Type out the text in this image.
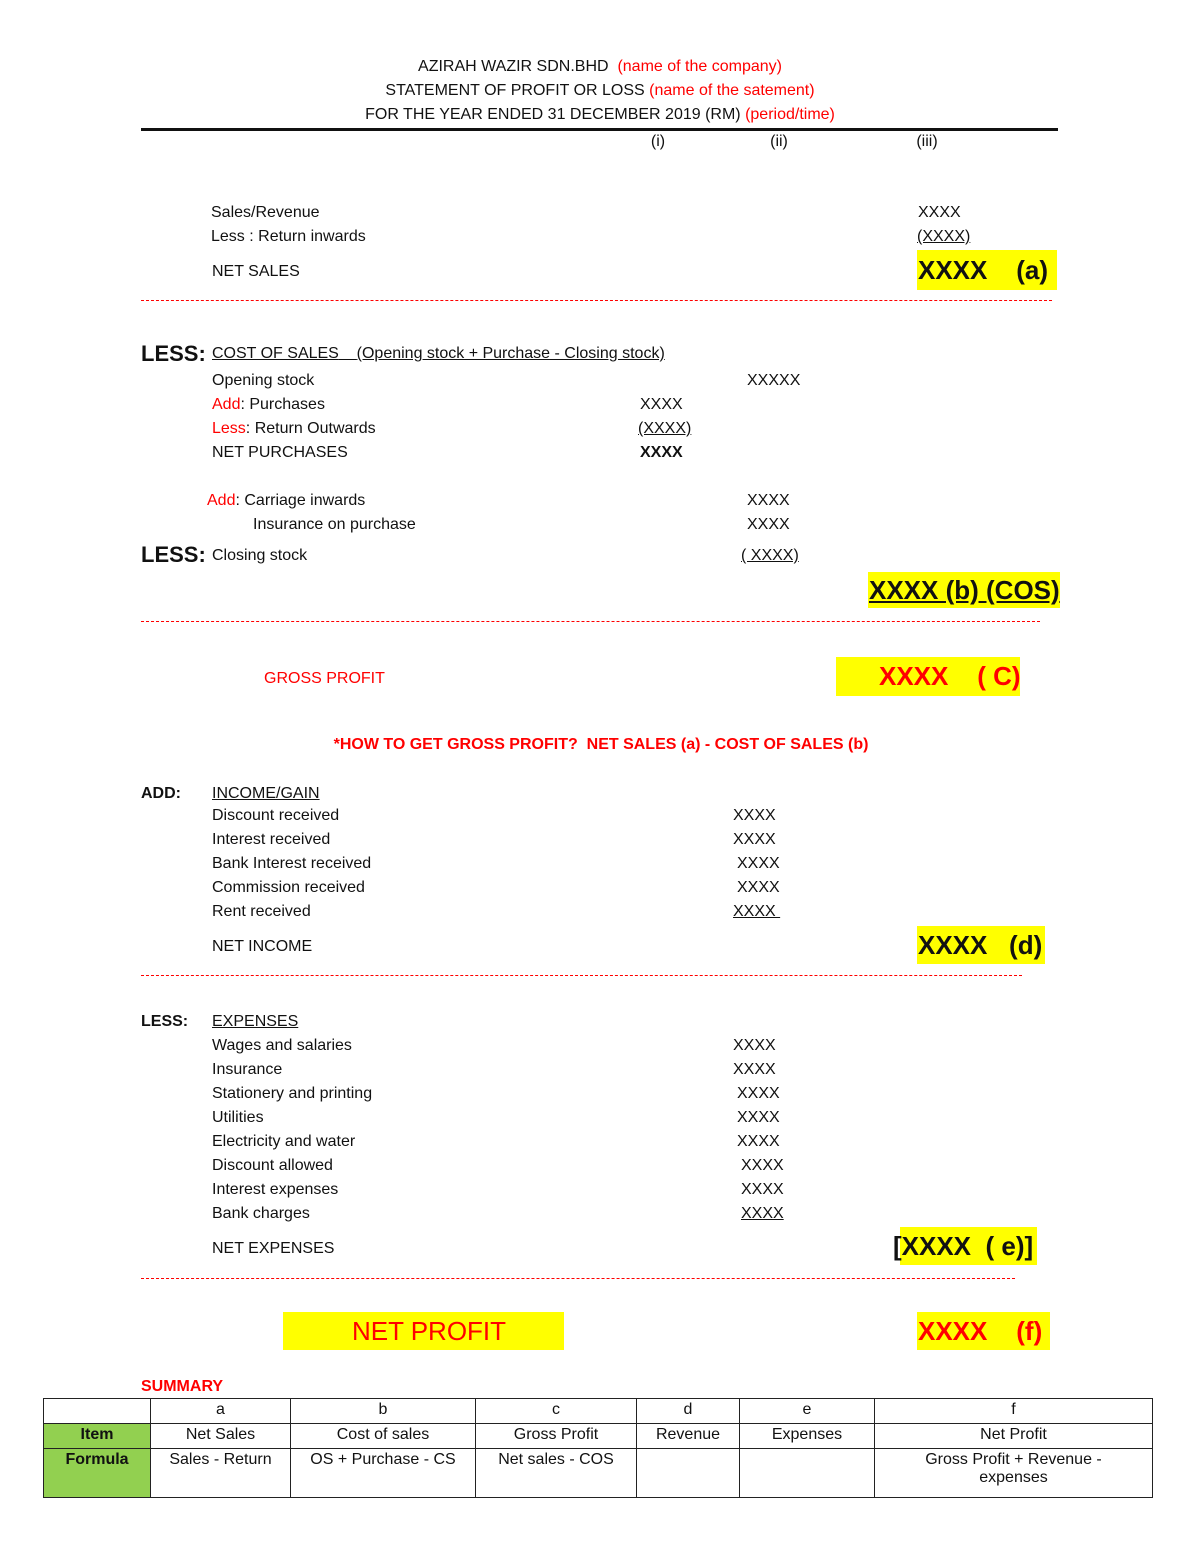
AZIRAH WAZIR SDN.BHD (name of the company)
STATEMENT OF PROFIT OR LOSS (name of the satement)
FOR THE YEAR ENDED 31 DECEMBER 2019 (RM) (period/time)
(i)	(ii)	(iii)
Sales/Revenue	XXXX
Less : Return inwards	(XXXX)
NET SALES	XXXX    (a)
LESS: COST OF SALES (Opening stock + Purchase - Closing stock)
Opening stock	XXXXX
Add: Purchases	XXXX
Less: Return Outwards	(XXXX)
NET PURCHASES	XXXX
Add: Carriage inwards	XXXX
Insurance on purchase	XXXX
LESS: Closing stock	( XXXX)
XXXX (b) (COS)
GROSS PROFIT	XXXX    ( C)
*HOW TO GET GROSS PROFIT?  NET SALES (a) - COST OF SALES (b)
ADD: INCOME/GAIN
Discount received	XXXX
Interest received	XXXX
Bank Interest received	XXXX
Commission received	XXXX
Rent received	XXXX
NET INCOME	XXXX   (d)
LESS: EXPENSES
Wages and salaries	XXXX
Insurance	XXXX
Stationery and printing	XXXX
Utilities	XXXX
Electricity and water	XXXX
Discount allowed	XXXX
Interest expenses	XXXX
Bank charges	XXXX
NET EXPENSES	[XXXX  ( e)]
NET PROFIT	XXXX    (f)
SUMMARY
	a	b	c	d	e	f
Item	Net Sales	Cost of sales	Gross Profit	Revenue	Expenses	Net Profit
Formula	Sales - Return	OS + Purchase - CS	Net sales - COS			Gross Profit + Revenue - expenses
